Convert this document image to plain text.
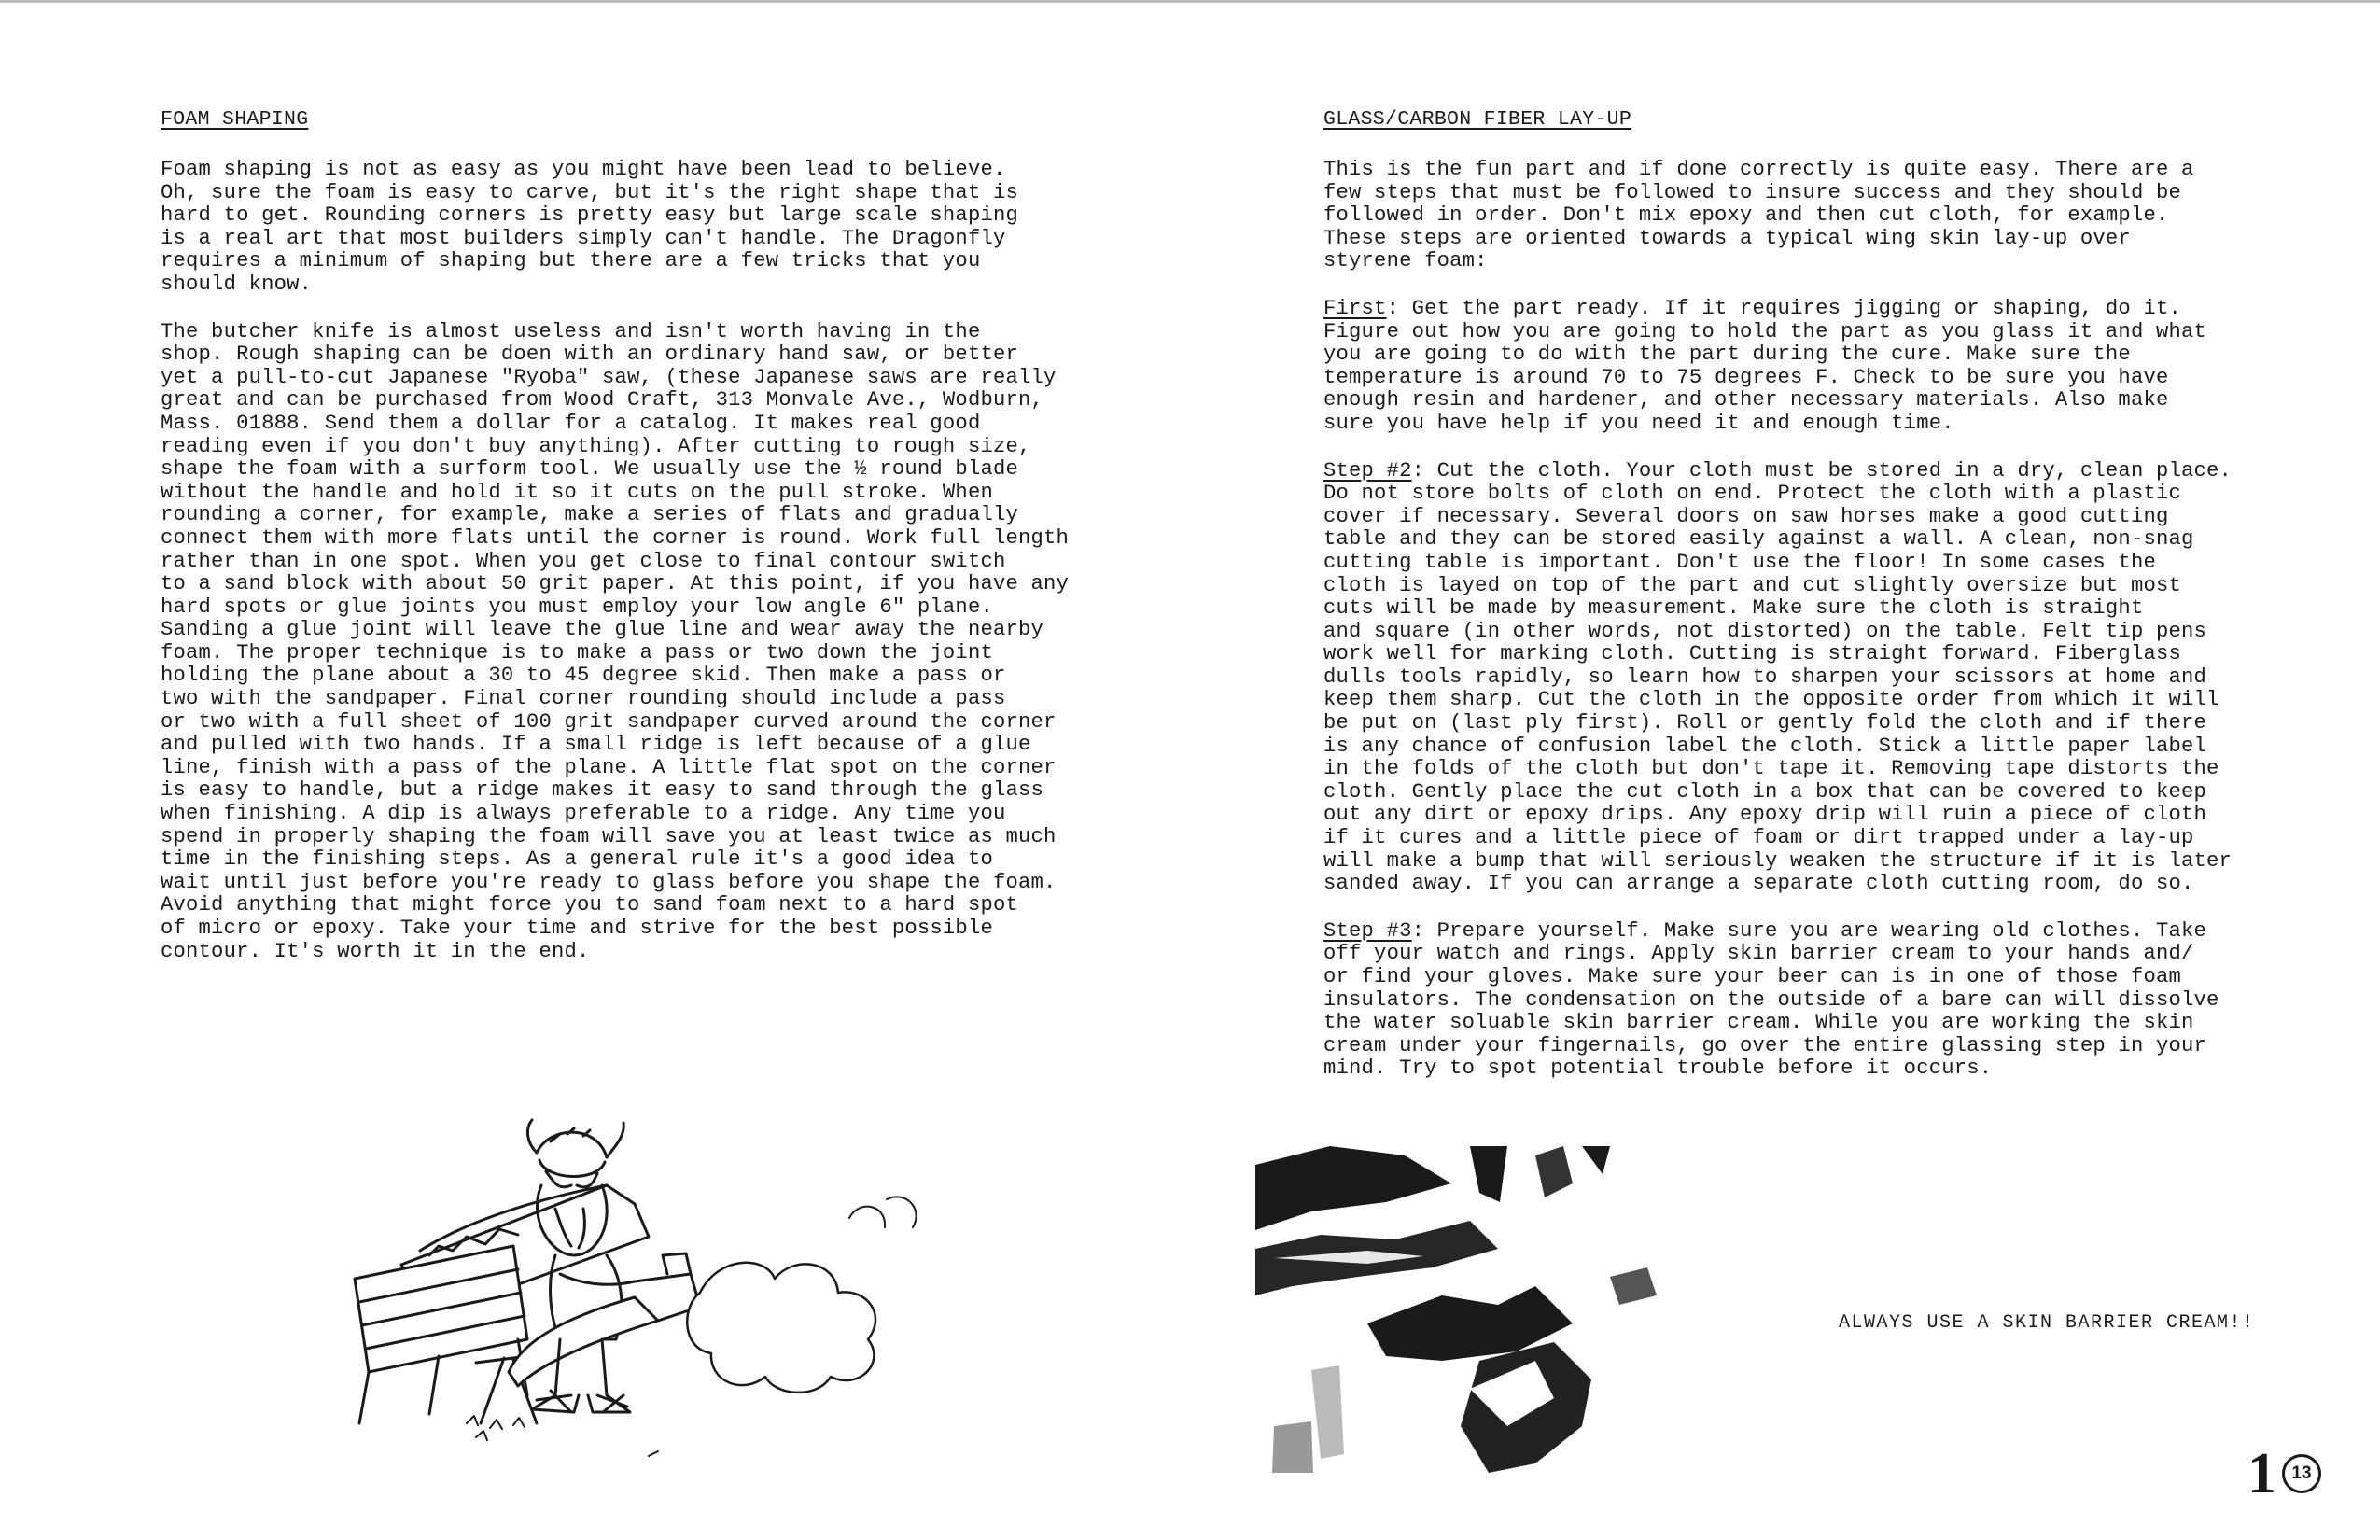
FOAM SHAPING

Foam shaping is not as easy as you might have been lead to believe.
Oh, sure the foam is easy to carve, but it's the right shape that is
hard to get. Rounding corners is pretty easy but large scale shaping
is a real art that most builders simply can't handle. The Dragonfly
requires a minimum of shaping but there are a few tricks that you
should know.

The butcher knife is almost useless and isn't worth having in the
shop. Rough shaping can be doen with an ordinary hand saw, or better
yet a pull-to-cut Japanese "Ryoba" saw, (these Japanese saws are really
great and can be purchased from Wood Craft, 313 Monvale Ave., Wodburn,
Mass. 01888. Send them a dollar for a catalog. It makes real good
reading even if you don't buy anything). After cutting to rough size,
shape the foam with a surform tool. We usually use the ½ round blade
without the handle and hold it so it cuts on the pull stroke. When
rounding a corner, for example, make a series of flats and gradually
connect them with more flats until the corner is round. Work full length
rather than in one spot. When you get close to final contour switch
to a sand block with about 50 grit paper. At this point, if you have any
hard spots or glue joints you must employ your low angle 6" plane.
Sanding a glue joint will leave the glue line and wear away the nearby
foam. The proper technique is to make a pass or two down the joint
holding the plane about a 30 to 45 degree skid. Then make a pass or
two with the sandpaper. Final corner rounding should include a pass
or two with a full sheet of 100 grit sandpaper curved around the corner
and pulled with two hands. If a small ridge is left because of a glue
line, finish with a pass of the plane. A little flat spot on the corner
is easy to handle, but a ridge makes it easy to sand through the glass
when finishing. A dip is always preferable to a ridge. Any time you
spend in properly shaping the foam will save you at least twice as much
time in the finishing steps. As a general rule it's a good idea to
wait until just before you're ready to glass before you shape the foam.
Avoid anything that might force you to sand foam next to a hard spot
of micro or epoxy. Take your time and strive for the best possible
contour. It's worth it in the end.

GLASS/CARBON FIBER LAY-UP

This is the fun part and if done correctly is quite easy. There are a
few steps that must be followed to insure success and they should be
followed in order. Don't mix epoxy and then cut cloth, for example.
These steps are oriented towards a typical wing skin lay-up over
styrene foam:

First: Get the part ready. If it requires jigging or shaping, do it.
Figure out how you are going to hold the part as you glass it and what
you are going to do with the part during the cure. Make sure the
temperature is around 70 to 75 degrees F. Check to be sure you have
enough resin and hardener, and other necessary materials. Also make
sure you have help if you need it and enough time.

Step #2: Cut the cloth. Your cloth must be stored in a dry, clean place.
Do not store bolts of cloth on end. Protect the cloth with a plastic
cover if necessary. Several doors on saw horses make a good cutting
table and they can be stored easily against a wall. A clean, non-snag
cutting table is important. Don't use the floor! In some cases the
cloth is layed on top of the part and cut slightly oversize but most
cuts will be made by measurement. Make sure the cloth is straight
and square (in other words, not distorted) on the table. Felt tip pens
work well for marking cloth. Cutting is straight forward. Fiberglass
dulls tools rapidly, so learn how to sharpen your scissors at home and
keep them sharp. Cut the cloth in the opposite order from which it will
be put on (last ply first). Roll or gently fold the cloth and if there
is any chance of confusion label the cloth. Stick a little paper label
in the folds of the cloth but don't tape it. Removing tape distorts the
cloth. Gently place the cut cloth in a box that can be covered to keep
out any dirt or epoxy drips. Any epoxy drip will ruin a piece of cloth
if it cures and a little piece of foam or dirt trapped under a lay-up
will make a bump that will seriously weaken the structure if it is later
sanded away. If you can arrange a separate cloth cutting room, do so.

Step #3: Prepare yourself. Make sure you are wearing old clothes. Take
off your watch and rings. Apply skin barrier cream to your hands and/
or find your gloves. Make sure your beer can is in one of those foam
insulators. The condensation on the outside of a bare can will dissolve
the water soluable skin barrier cream. While you are working the skin
cream under your fingernails, go over the entire glassing step in your
mind. Try to spot potential trouble before it occurs.

ALWAYS USE A SKIN BARRIER CREAM!!
1 13
